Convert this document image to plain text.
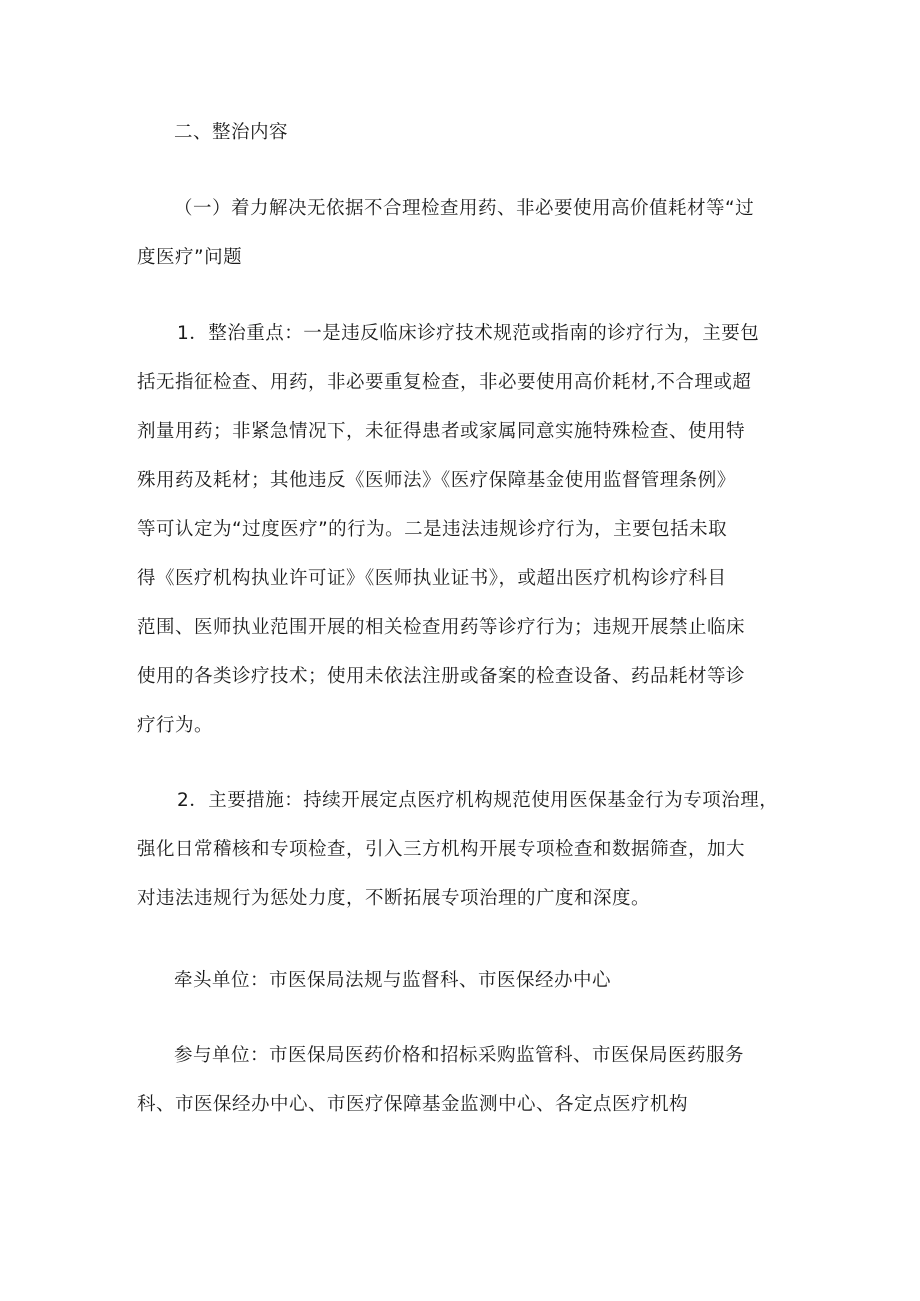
二、整治内容

（一）着力解决无依据不合理检查用药、非必要使用高价值耗材等“过
度医疗”问题

1．整治重点：一是违反临床诊疗技术规范或指南的诊疗行为，主要包
括无指征检查、用药，非必要重复检查，非必要使用高价耗材,不合理或超
剂量用药；非紧急情况下，未征得患者或家属同意实施特殊检查、使用特
殊用药及耗材；其他违反《医师法》《医疗保障基金使用监督管理条例》
等可认定为“过度医疗”的行为。二是违法违规诊疗行为，主要包括未取
得《医疗机构执业许可证》《医师执业证书》，或超出医疗机构诊疗科目
范围、医师执业范围开展的相关检查用药等诊疗行为；违规开展禁止临床
使用的各类诊疗技术；使用未依法注册或备案的检查设备、药品耗材等诊
疗行为。

2．主要措施：持续开展定点医疗机构规范使用医保基金行为专项治理，
强化日常稽核和专项检查，引入三方机构开展专项检查和数据筛查，加大
对违法违规行为惩处力度，不断拓展专项治理的广度和深度。

牵头单位：市医保局法规与监督科、市医保经办中心

参与单位：市医保局医药价格和招标采购监管科、市医保局医药服务
科、市医保经办中心、市医疗保障基金监测中心、各定点医疗机构
